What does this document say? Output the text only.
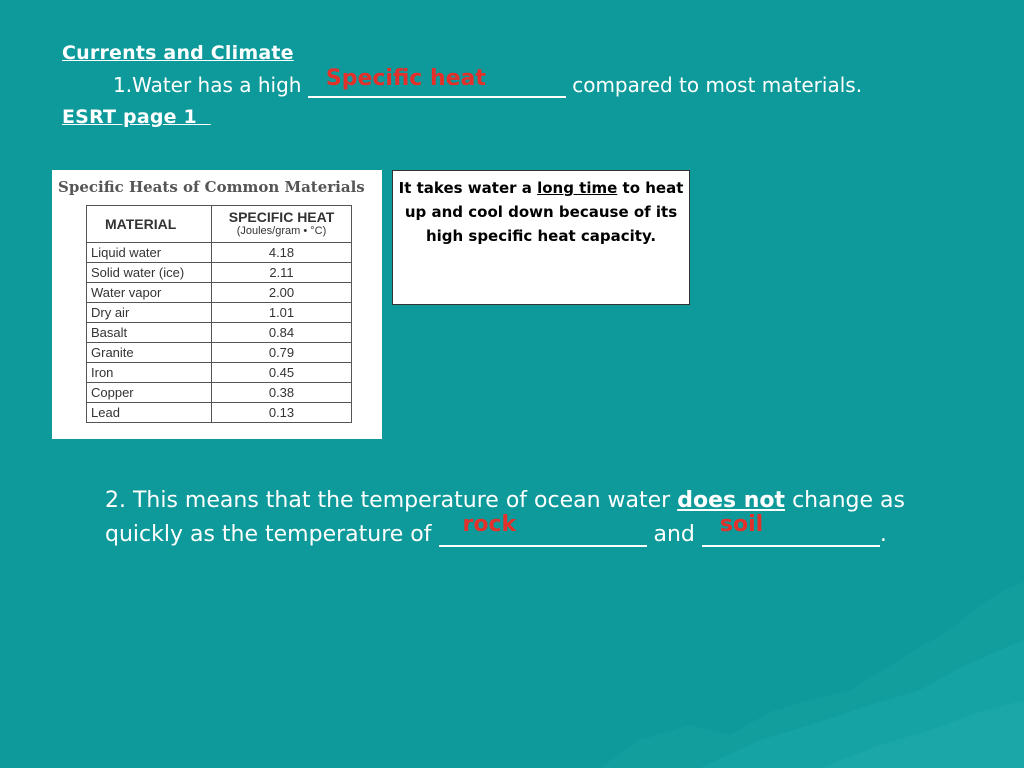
Currents and Climate
1.Water has a high Specific heat	compared to most materials.
ESRT page 1
Specific Heats of Common Materials
MATERIAL	SPECIFIC HEAT
(Joules/gram • °C)

Liquid water	4.18
Solid water (ice)	2.11
Water vapor	2.00
Dry air	1.01
Basalt	0.84
Granite	0.79
Iron	0.45
Copper	0.38
Lead	0.13
It takes water a long time to heat up and cool down because of its high specific heat capacity.
2. This means that the temperature of ocean water does not change as quickly as the temperature of rock	and soil	.
